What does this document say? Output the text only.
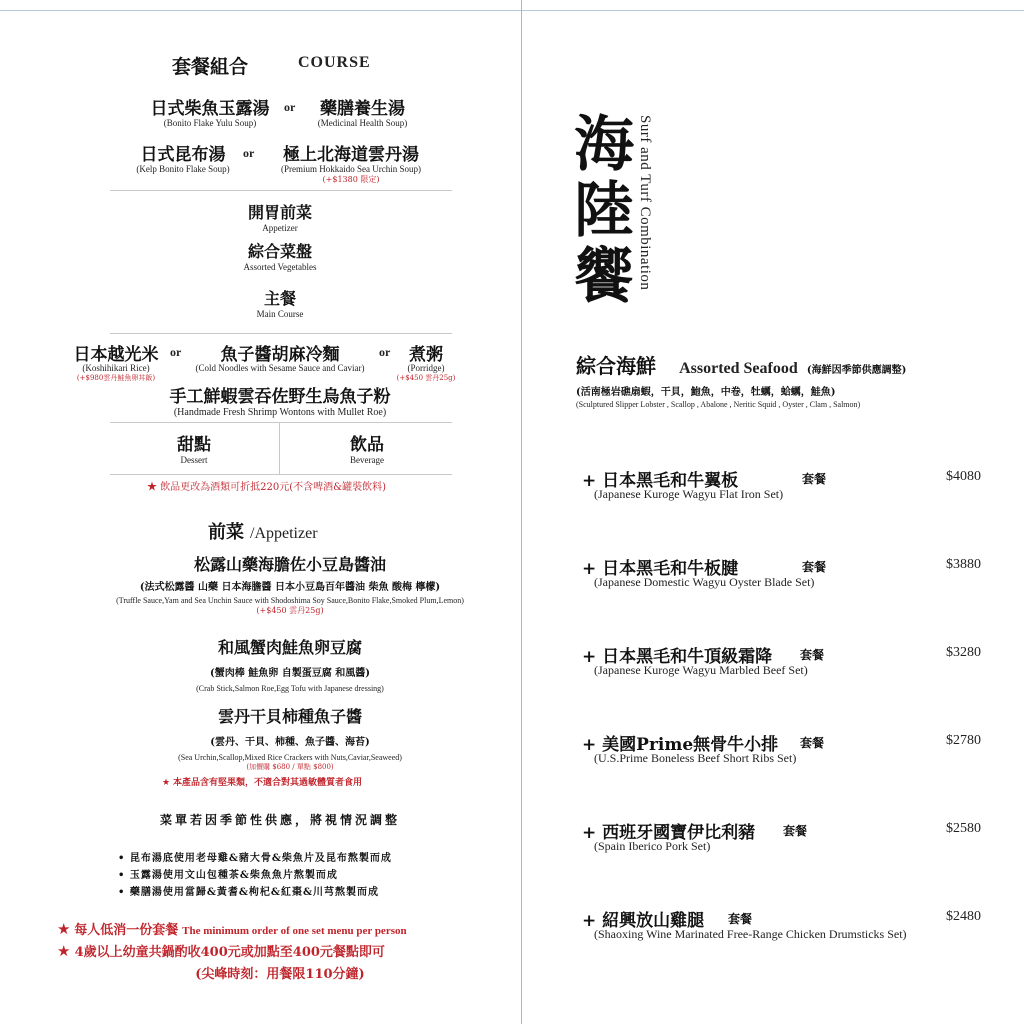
套餐組合	COURSE
日式柴魚玉露湯
(Bonito Flake Yulu Soup)
or	藥膳養生湯
(Medicinal Health Soup)
日式昆布湯
(Kelp Bonito Flake Soup)
or	極上北海道雲丹湯
(Premium Hokkaido Sea Urchin Soup)
(+$1380 限定)
開胃前菜
Appetizer
綜合菜盤
Assorted Vegetables
主餐
Main Course
日本越光米
(Koshihikari Rice)
(+$980雲丹鮭魚卵丼飯)
or	魚子醬胡麻冷麵
(Cold Noodles with Sesame Sauce and Caviar)
or	煮粥
(Porridge)
(+$450 雲丹25g)
手工鮮蝦雲吞佐野生烏魚子粉
(Handmade Fresh Shrimp Wontons with Mullet Roe)
甜點
Dessert
飲品
Beverage
★ 飲品更改為酒類可折抵220元(不含啤酒&罐裝飲料)
前菜 /Appetizer
松露山藥海膽佐小豆島醬油
(法式松露醬 山藥 日本海膽醬 日本小豆島百年醬油 柴魚 酸梅 檸檬)
(Truffle Sauce,Yam and Sea Unchin Sauce with Shodoshima Soy Sauce,Bonito Flake,Smoked Plum,Lemon)
(+$450 雲丹25g)
和風蟹肉鮭魚卵豆腐
(蟹肉棒 鮭魚卵 自製蛋豆腐 和風醬)
(Crab Stick,Salmon Roe,Egg Tofu with Japanese dressing)
雲丹干貝柿種魚子醬
(雲丹、干貝、柿種、魚子醬、海苔)
(Sea Urchin,Scallop,Mixed Rice Crackers with Nuts,Caviar,Seaweed)
(加價購 $680 / 單點 $800)
★ 本產品含有堅果類，不適合對其過敏體質者食用
菜單若因季節性供應，將視情況調整
• 昆布湯底使用老母雞&豬大骨&柴魚片及昆布熬製而成
• 玉露湯使用文山包種茶&柴魚魚片熬製而成
• 藥膳湯使用當歸&黃耆&枸杞&紅棗&川芎熬製而成
★ 每人低消一份套餐 The minimum order of one set menu per person
★ 4歲以上幼童共鍋酌收400元或加點至400元餐點即可
(尖峰時刻：用餐限110分鐘)
海
陸
饗 Surf and Turf Combination
綜合海鮮 Assorted Seafood (海鮮因季節供應調整)
(活南極岩礁扇蝦，干貝，鮑魚，中卷，牡蠣，蛤蠣，鮭魚)
(Sculptured Slipper Lobster , Scallop , Abalone , Neritic Squid , Oyster , Clam , Salmon)
+ 日本黑毛和牛翼板	套餐	$4080
(Japanese Kuroge Wagyu Flat Iron Set)
+ 日本黑毛和牛板腱	套餐	$3880
(Japanese Domestic Wagyu Oyster Blade Set)
+ 日本黑毛和牛頂級霜降 套餐	$3280
(Japanese Kuroge Wagyu Marbled Beef Set)
+ 美國Prime無骨牛小排 套餐	$2780
(U.S.Prime Boneless Beef Short Ribs Set)
+ 西班牙國寶伊比利豬 套餐	$2580
(Spain Iberico Pork Set)
+ 紹興放山雞腿 套餐	$2480
(Shaoxing Wine Marinated Free-Range Chicken Drumsticks Set)
